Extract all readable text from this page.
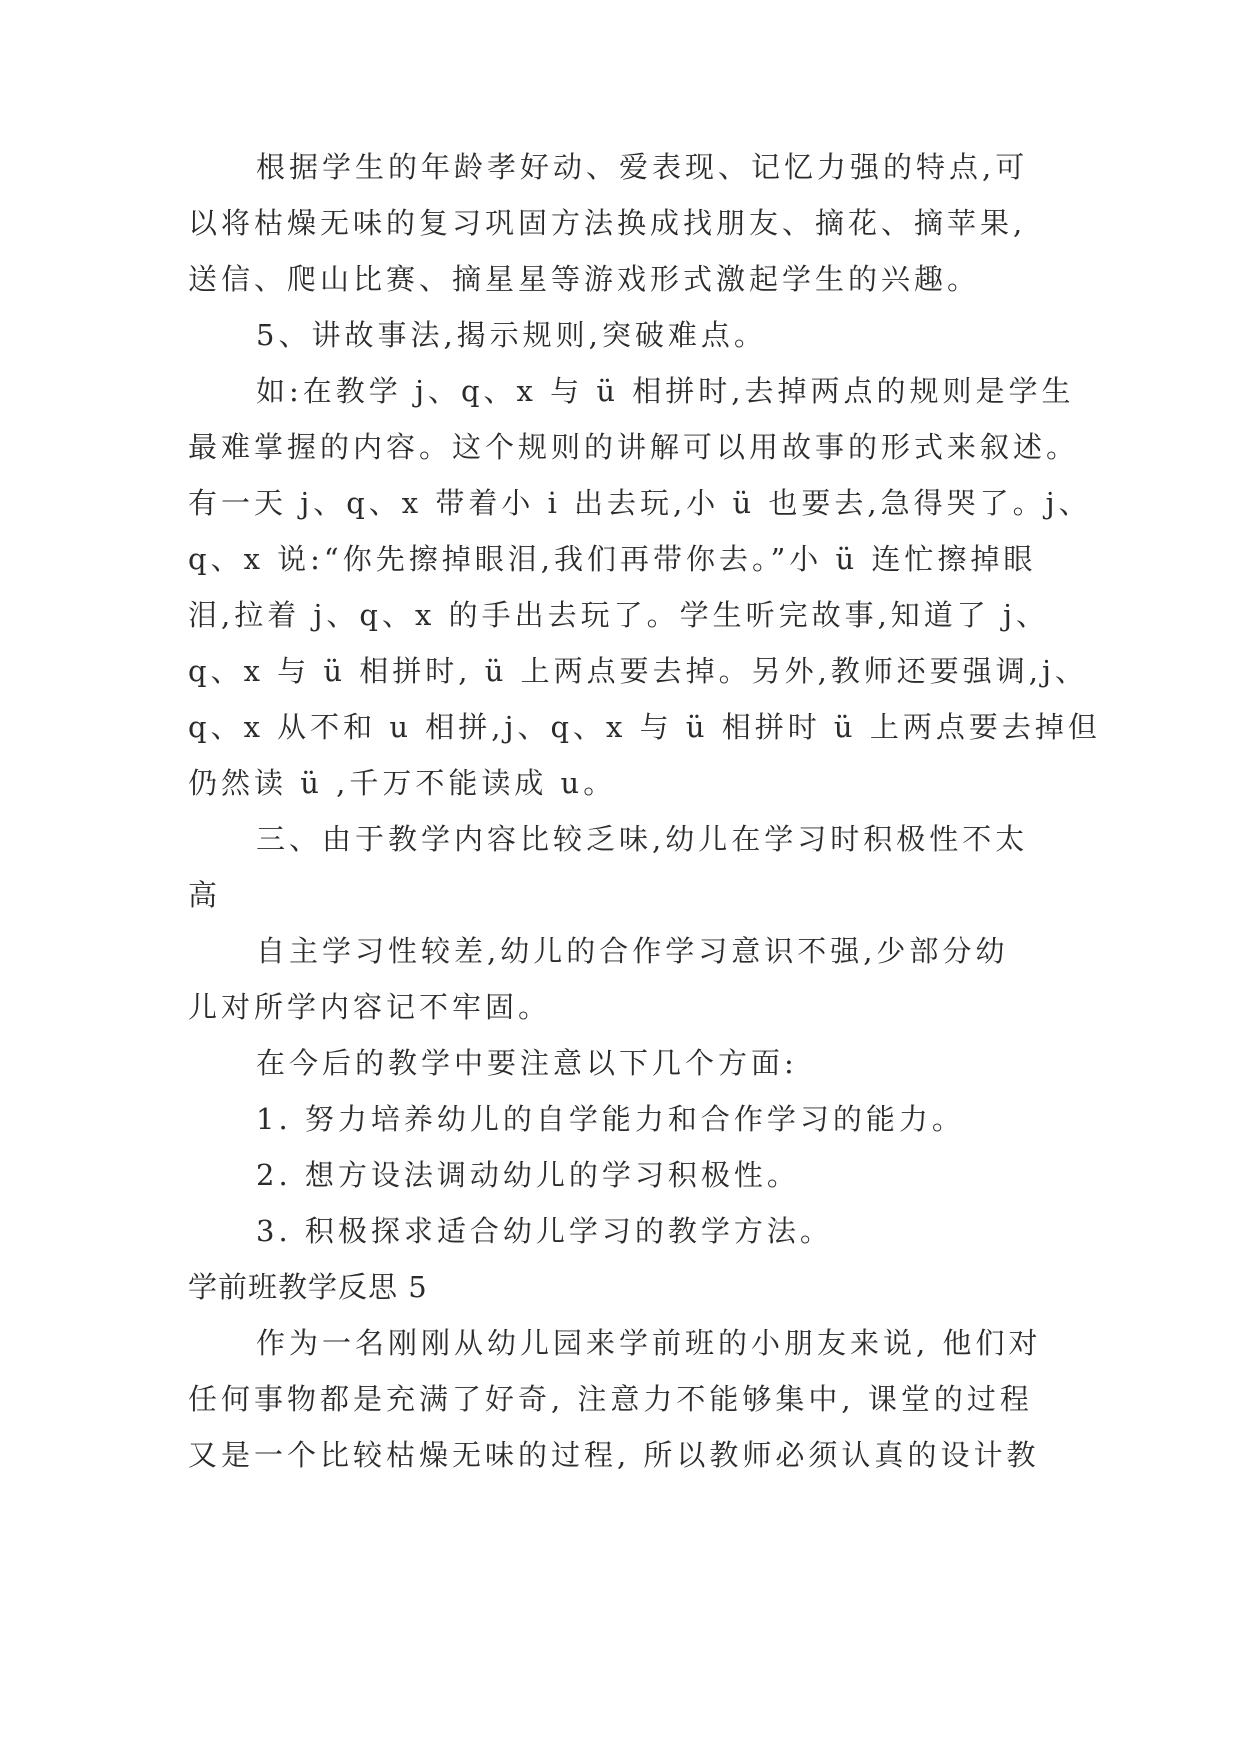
根据学生的年龄孝好动、爱表现、记忆力强的特点,可
以将枯燥无味的复习巩固方法换成找朋友、摘花、摘苹果,
送信、爬山比赛、摘星星等游戏形式激起学生的兴趣。
5、讲故事法,揭示规则,突破难点。
如:在教学 j、q、x 与 ü 相拼时,去掉两点的规则是学生
最难掌握的内容。这个规则的讲解可以用故事的形式来叙述。
有一天 j、q、x 带着小 i 出去玩,小 ü 也要去,急得哭了。j、
q、x 说:“你先擦掉眼泪,我们再带你去。”小 ü 连忙擦掉眼
泪,拉着 j、q、x 的手出去玩了。学生听完故事,知道了 j、
q、x 与 ü 相拼时, ü 上两点要去掉。另外,教师还要强调,j、
q、x 从不和 u 相拼,j、q、x 与 ü 相拼时 ü 上两点要去掉但
仍然读 ü ,千万不能读成 u。
三、由于教学内容比较乏味,幼儿在学习时积极性不太
高
自主学习性较差,幼儿的合作学习意识不强,少部分幼
儿对所学内容记不牢固。
在今后的教学中要注意以下几个方面:
1. 努力培养幼儿的自学能力和合作学习的能力。
2. 想方设法调动幼儿的学习积极性。
3. 积极探求适合幼儿学习的教学方法。
学前班教学反思 5
作为一名刚刚从幼儿园来学前班的小朋友来说, 他们对
任何事物都是充满了好奇, 注意力不能够集中, 课堂的过程
又是一个比较枯燥无味的过程, 所以教师必须认真的设计教
